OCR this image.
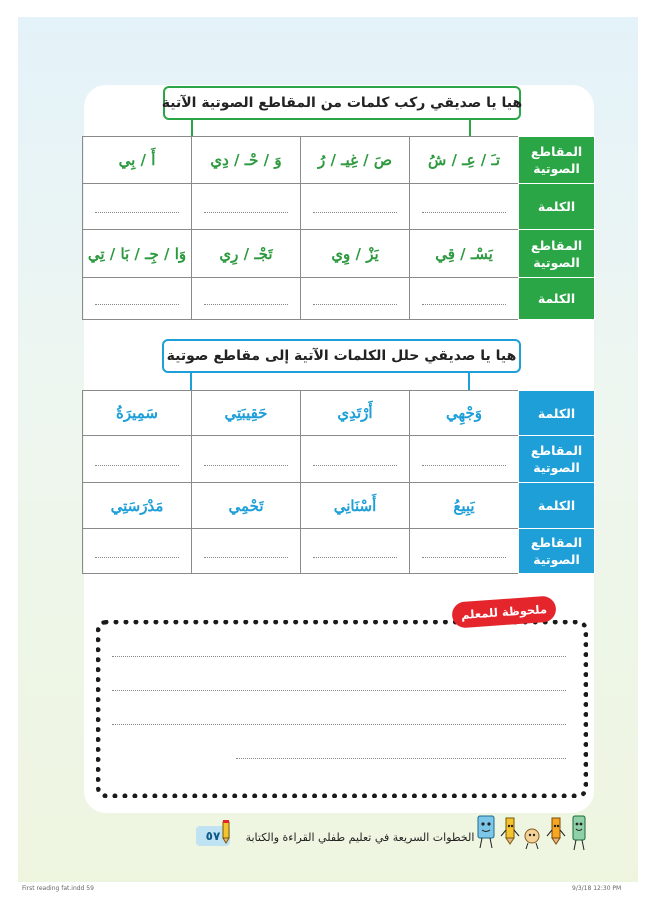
هيا يا صديقي ركب كلمات من المقاطع الصوتية الآتية
المقاطع الصوتية	تـَ / عِـ / شُ	صَ / غِيـ / رُ	وَ / حْـ / دِي	أَ / بِي
الكلمة	

المقاطع الصوتية	يَسْـ / قِي	يَزْ / وِي	تَجْـ / رِي	وَا / جِـ / بَا / تِي
الكلمة	

هيا يا صديقي حلل الكلمات الآتية إلى مقاطع صوتية
الكلمة	وَجْهِي	أَرْتَدِي	حَقِيبَتِي	سَمِيرَةُ
المقاطع الصوتية	

الكلمة	يَبِيعُ	أَسْنَانِي	تَحْمِي	مَدْرَسَتِي
المقاطع الصوتية	

ملحوظة للمعلم
٥٧	الخطوات السريعة في تعليم طفلي القراءة والكتابة
First reading fat.indd 59	9/3/18 12:30 PM
